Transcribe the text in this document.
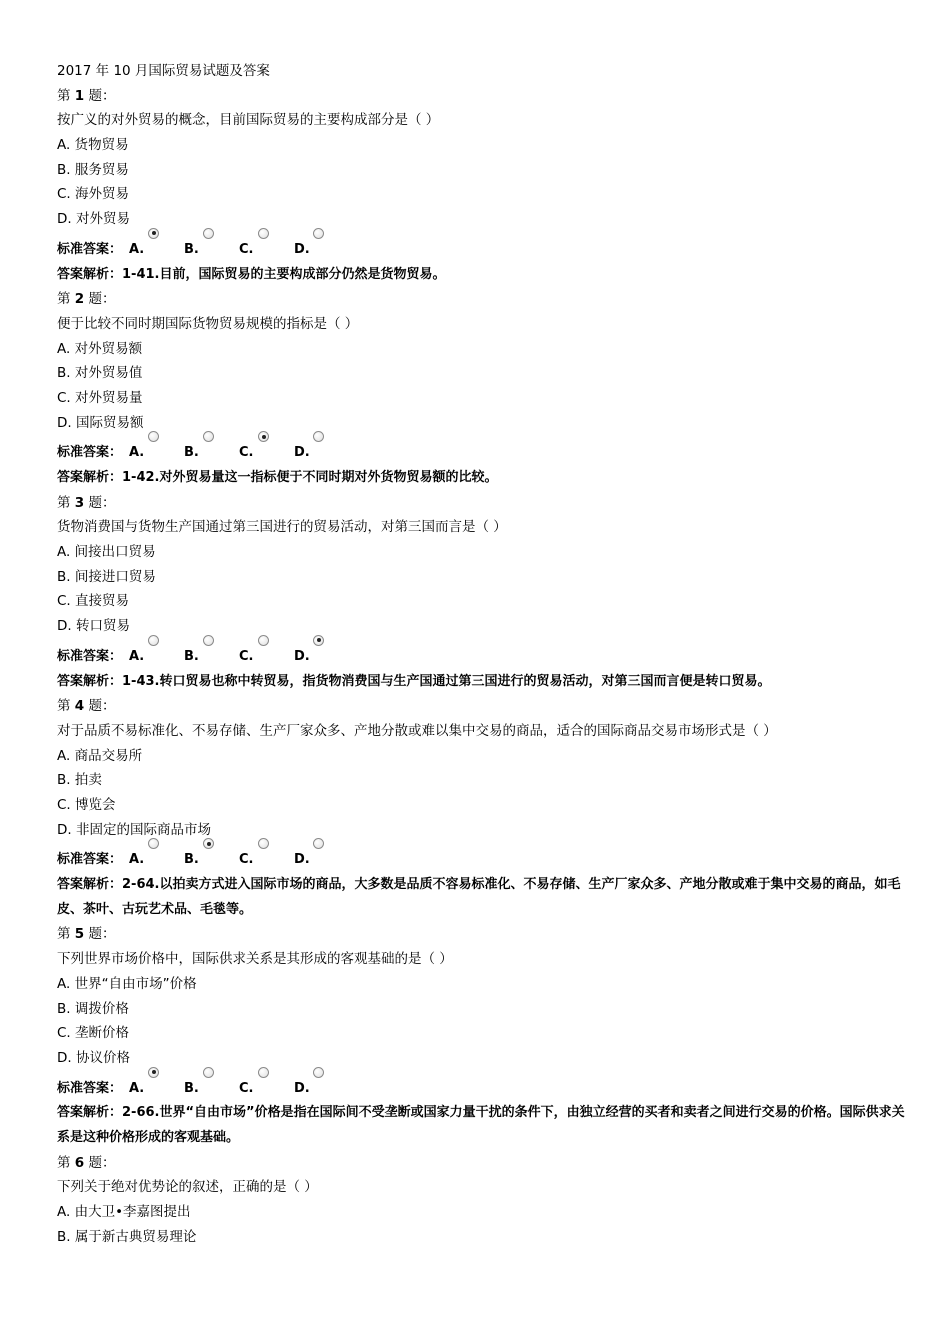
2017 年 10 月国际贸易试题及答案
第 1 题：
按广义的对外贸易的概念，目前国际贸易的主要构成部分是（ ）
A. 货物贸易
B. 服务贸易
C. 海外贸易
D. 对外贸易
标准答案： A.	B.	C.	D.
答案解析：1-41.目前，国际贸易的主要构成部分仍然是货物贸易。
第 2 题：
便于比较不同时期国际货物贸易规模的指标是（ ）
A. 对外贸易额
B. 对外贸易值
C. 对外贸易量
D. 国际贸易额
标准答案： A.	B.	C.	D.
答案解析：1-42.对外贸易量这一指标便于不同时期对外货物贸易额的比较。
第 3 题：
货物消费国与货物生产国通过第三国进行的贸易活动，对第三国而言是（ ）
A. 间接出口贸易
B. 间接进口贸易
C. 直接贸易
D. 转口贸易
标准答案： A.	B.	C.	D.
答案解析：1-43.转口贸易也称中转贸易，指货物消费国与生产国通过第三国进行的贸易活动，对第三国而言便是转口贸易。
第 4 题：
对于品质不易标准化、不易存储、生产厂家众多、产地分散或难以集中交易的商品，适合的国际商品交易市场形式是（ ）
A. 商品交易所
B. 拍卖
C. 博览会
D. 非固定的国际商品市场
标准答案： A.	B.	C.	D.
答案解析：2-64.以拍卖方式进入国际市场的商品，大多数是品质不容易标准化、不易存储、生产厂家众多、产地分散或难于集中交易的商品，如毛皮、茶叶、古玩艺术品、毛毯等。
第 5 题：
下列世界市场价格中，国际供求关系是其形成的客观基础的是（ ）
A. 世界“自由市场”价格
B. 调拨价格
C. 垄断价格
D. 协议价格
标准答案： A.	B.	C.	D.
答案解析：2-66.世界“自由市场”价格是指在国际间不受垄断或国家力量干扰的条件下，由独立经营的买者和卖者之间进行交易的价格。国际供求关系是这种价格形成的客观基础。
第 6 题：
下列关于绝对优势论的叙述，正确的是（ ）
A. 由大卫•李嘉图提出
B. 属于新古典贸易理论
